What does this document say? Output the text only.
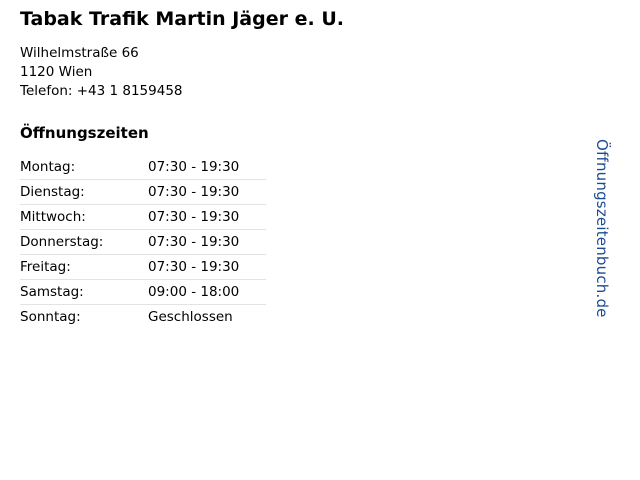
Tabak Trafik Martin Jäger e. U.
Wilhelmstraße 66
1120 Wien
Telefon: +43 1 8159458
Öffnungszeiten
Montag:	07:30 - 19:30

Dienstag:	07:30 - 19:30

Mittwoch:	07:30 - 19:30

Donnerstag:	07:30 - 19:30

Freitag:	07:30 - 19:30

Samstag:	09:00 - 18:00

Sonntag:	Geschlossen	Öffnungszeitenbuch.de
